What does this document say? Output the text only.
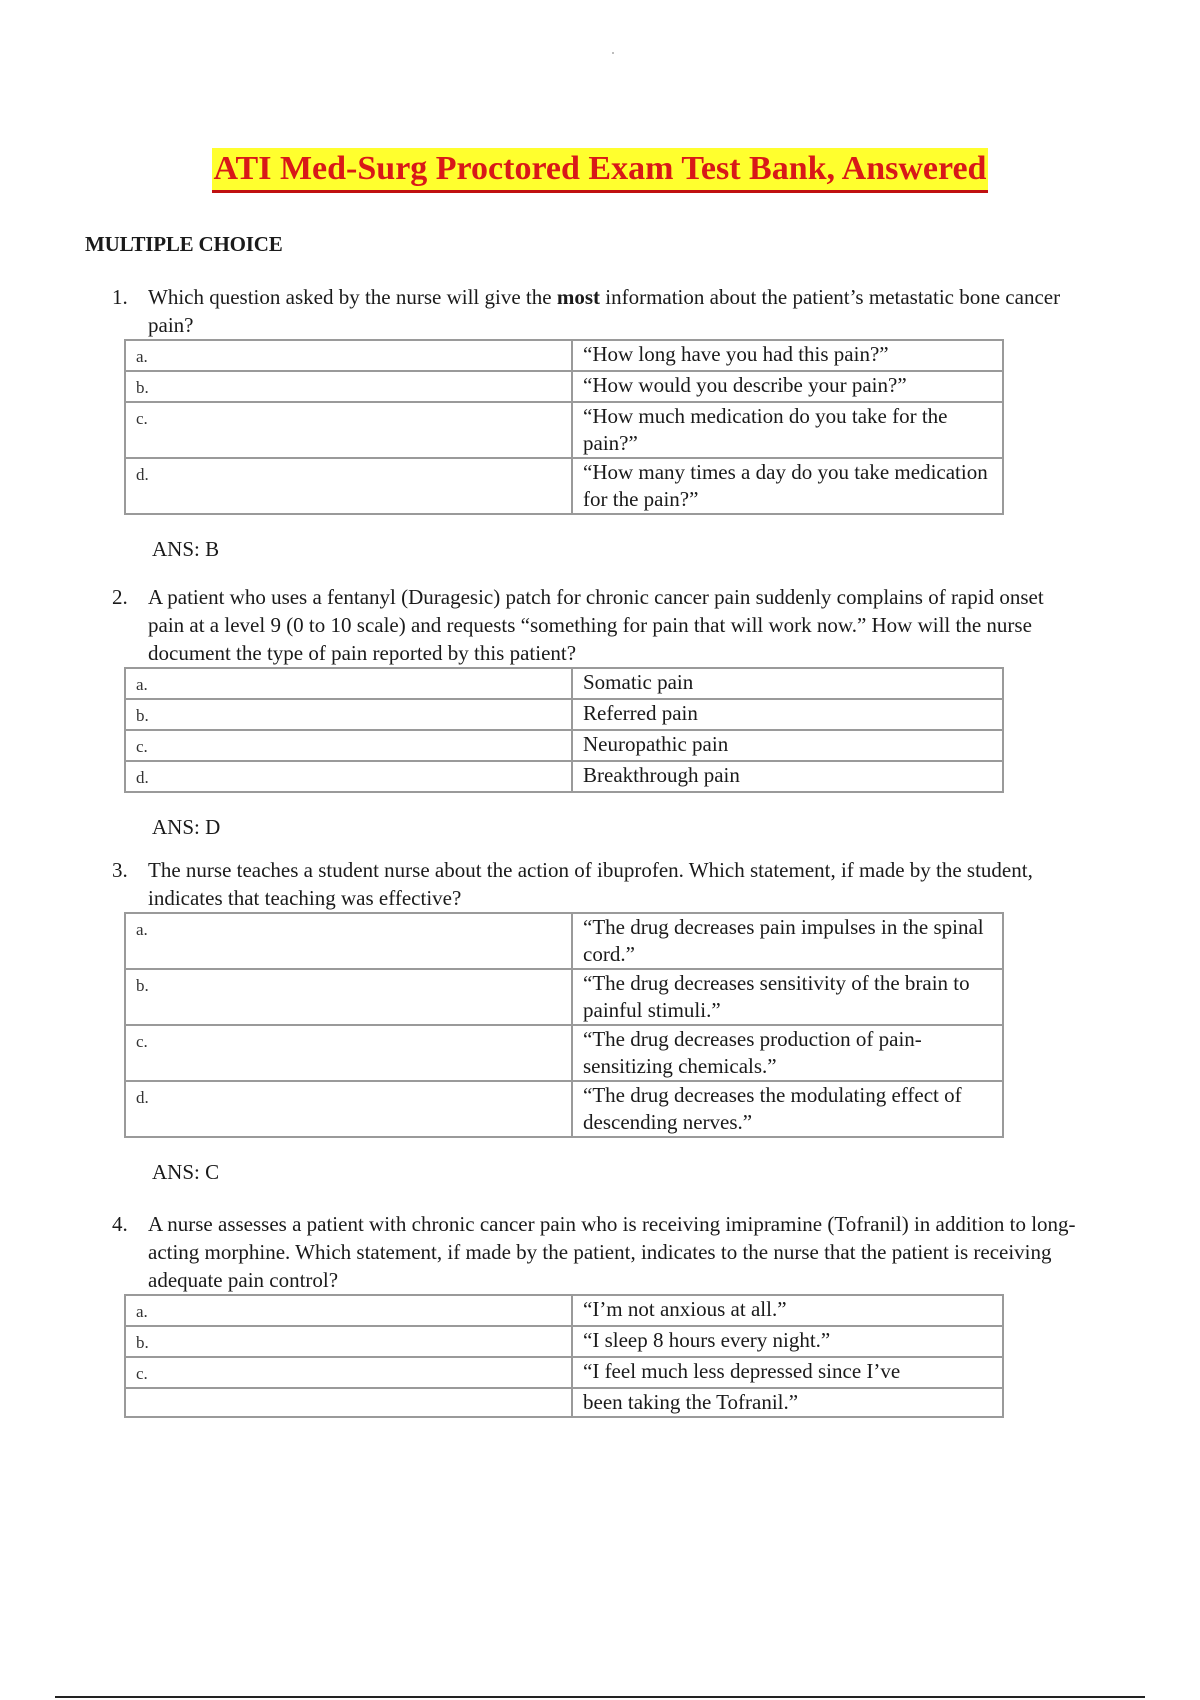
ATI Med-Surg Proctored Exam Test Bank, Answered
MULTIPLE CHOICE
1. Which question asked by the nurse will give the most information about the patient’s metastatic bone cancer pain?
a.	“How long have you had this pain?”
b.	“How would you describe your pain?”
c.	“How much medication do you take for the pain?”
d.	“How many times a day do you take medication for the pain?”
ANS: B
2. A patient who uses a fentanyl (Duragesic) patch for chronic cancer pain suddenly complains of rapid onset pain at a level 9 (0 to 10 scale) and requests “something for pain that will work now.” How will the nurse document the type of pain reported by this patient?
a.	Somatic pain
b.	Referred pain
c.	Neuropathic pain
d.	Breakthrough pain
ANS: D
3. The nurse teaches a student nurse about the action of ibuprofen. Which statement, if made by the student, indicates that teaching was effective?
a.	“The drug decreases pain impulses in the spinal cord.”
b.	“The drug decreases sensitivity of the brain to painful stimuli.”
c.	“The drug decreases production of pain-sensitizing chemicals.”
d.	“The drug decreases the modulating effect of descending nerves.”
ANS: C
4. A nurse assesses a patient with chronic cancer pain who is receiving imipramine (Tofranil) in addition to long-acting morphine. Which statement, if made by the patient, indicates to the nurse that the patient is receiving adequate pain control?
a.	“I’m not anxious at all.”
b.	“I sleep 8 hours every night.”
c.	“I feel much less depressed since I’ve
	been taking the Tofranil.”
